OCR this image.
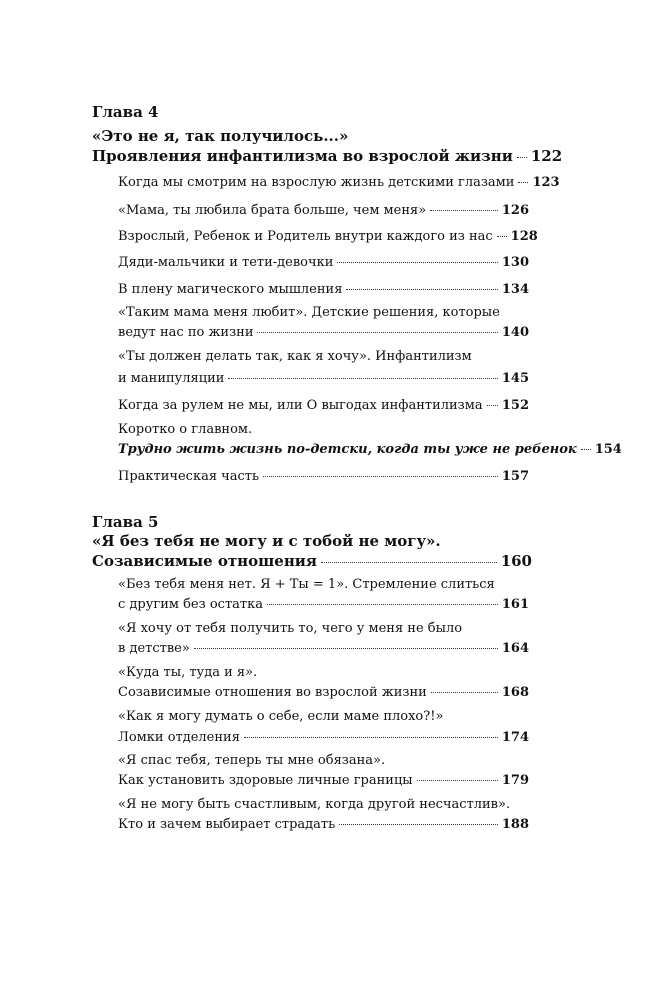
Глава 4
«Это не я, так получилось...»
Проявления инфантилизма во взрослой жизни 122
Когда мы смотрим на взрослую жизнь детскими глазами 123
«Мама, ты любила брата больше, чем меня»	126
Взрослый, Ребенок и Родитель внутри каждого из нас 128
Дяди-мальчики и тети-девочки	130
В плену магического мышления	134
«Таким мама меня любит». Детские решения, которые
ведут нас по жизни	140
«Ты должен делать так, как я хочу». Инфантилизм
и манипуляции	145
Когда за рулем не мы, или О выгодах инфантилизма 152
Коротко о главном.
Трудно жить жизнь по-детски, когда ты уже не ребенок 154
Практическая часть	157
Глава 5
«Я без тебя не могу и с тобой не могу».
Созависимые отношения	160
«Без тебя меня нет. Я + Ты = 1». Стремление слиться
с другим без остатка	161
«Я хочу от тебя получить то, чего у меня не было
в детстве»	164
«Куда ты, туда и я».
Созависимые отношения во взрослой жизни	168
«Как я могу думать о себе, если маме плохо?!»
Ломки отделения	174
«Я спас тебя, теперь ты мне обязана».
Как установить здоровые личные границы	179
«Я не могу быть счастливым, когда другой несчастлив».
Кто и зачем выбирает страдать	188
